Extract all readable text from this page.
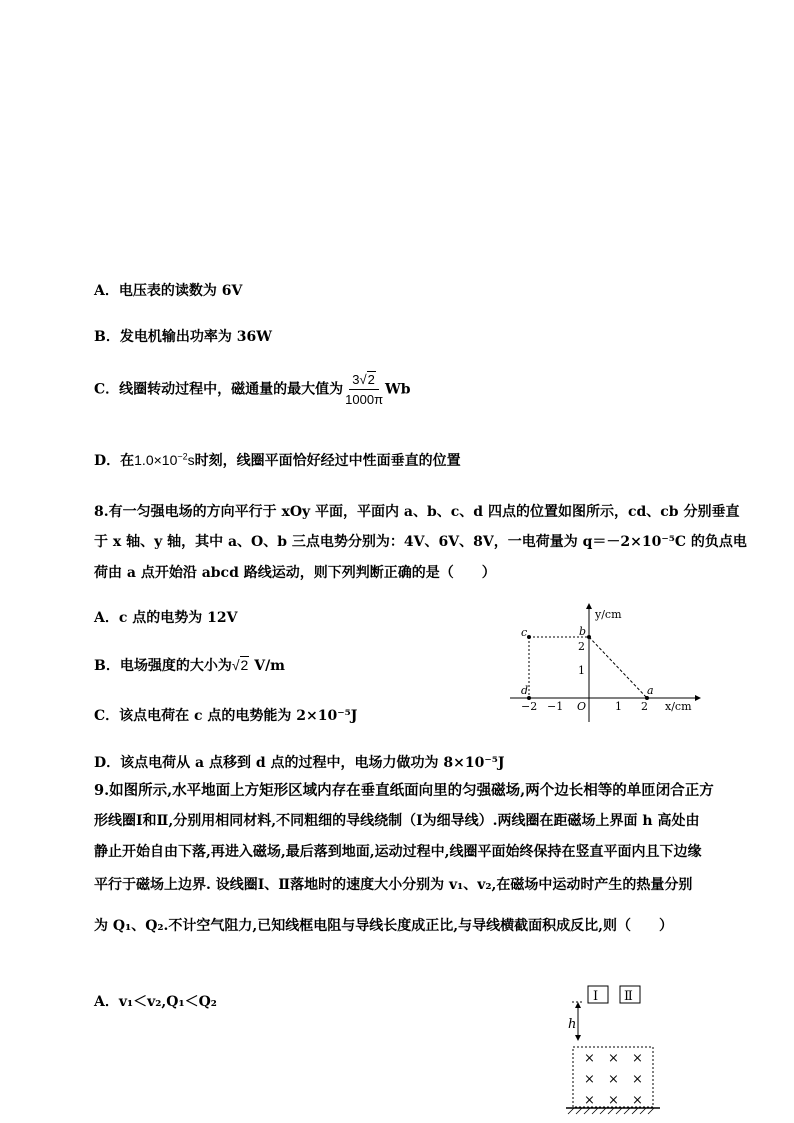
A．电压表的读数为 6V
B．发电机输出功率为 36W
C．线圈转动过程中，磁通量的最大值为 $\frac{3√2}{1000\pi}$ Wb
D．在$1.0\times 10^{-2}s$时刻，线圈平面恰好经过中性面垂直的位置
8.有一匀强电场的方向平行于 xOy 平面，平面内 a、b、c、d 四点的位置如图所示，cd、cb 分别垂直
于 x 轴、y 轴，其中 a、O、b 三点电势分别为：4V、6V、8V，一电荷量为 q＝－2×10⁻⁵C 的负点电
荷由 a 点开始沿 abcd 路线运动，则下列判断正确的是（　　）
A．c 点的电势为 12V
B．电场强度的大小为√2 V/m
C．该点电荷在 c 点的电势能为 2×10⁻⁵J
D．该点电荷从 a 点移到 d 点的过程中，电场力做功为 8×10⁻⁵J
y/cm
x/cm
O
−2 −1	1 2
1
2
c	b
d	a
9.如图所示,水平地面上方矩形区域内存在垂直纸面向里的匀强磁场,两个边长相等的单匝闭合正方
形线圈Ⅰ和Ⅱ,分别用相同材料,不同粗细的导线绕制（Ⅰ为细导线）.两线圈在距磁场上界面 h 高处由
静止开始自由下落,再进入磁场,最后落到地面,运动过程中,线圈平面始终保持在竖直平面内且下边缘
平行于磁场上边界. 设线圈Ⅰ、Ⅱ落地时的速度大小分别为 v₁、v₂,在磁场中运动时产生的热量分别
为 Q₁、Q₂.不计空气阻力,已知线框电阻与导线长度成正比,与导线横截面积成反比,则（　　）
A．v₁＜v₂,Q₁＜Q₂	Ⅰ Ⅱ
h
× × ×
× × ×
× × ×
